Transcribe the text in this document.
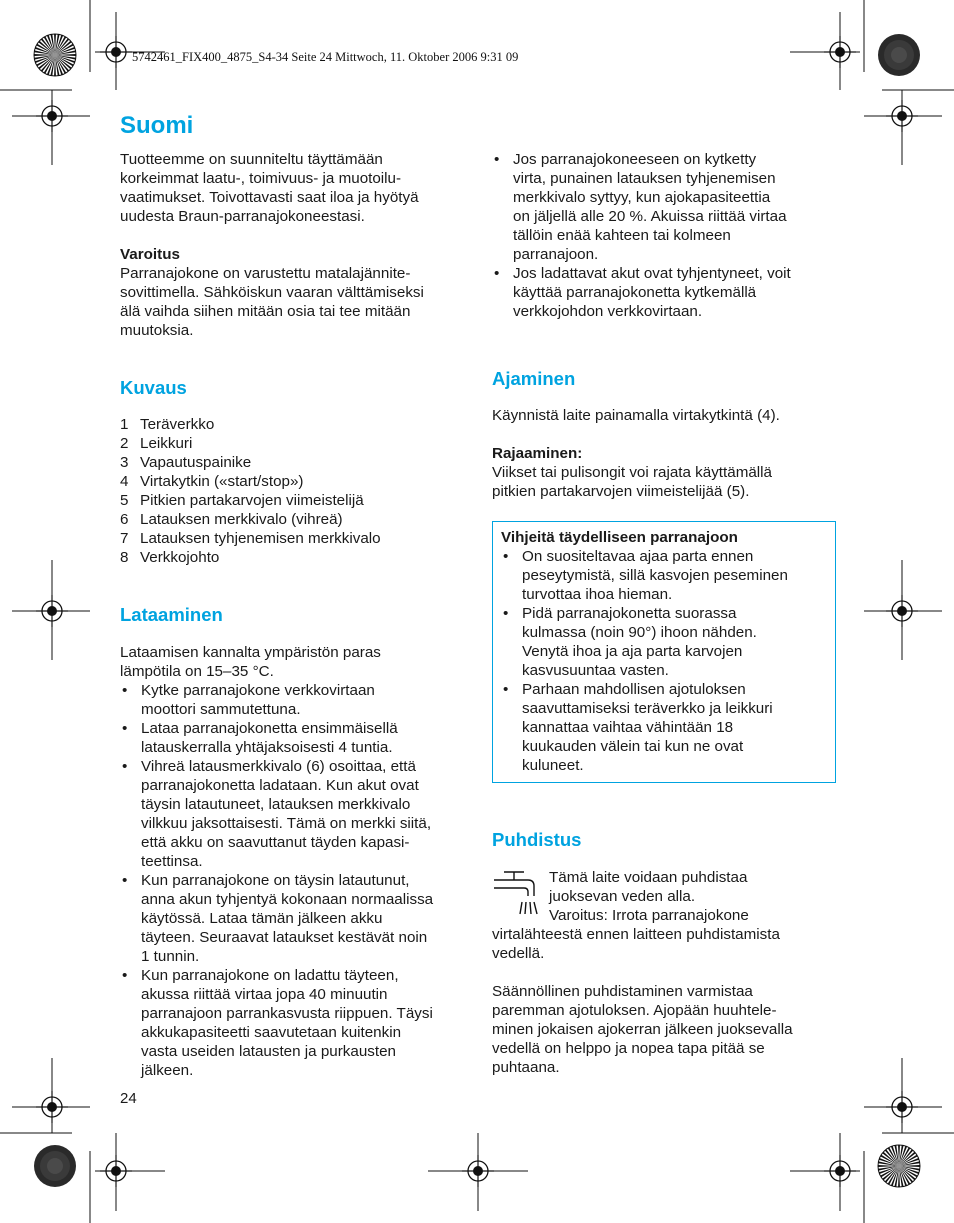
5742461_FIX400_4875_S4-34 Seite 24 Mittwoch, 11. Oktober 2006 9:31 09
Suomi

Tuotteemme on suunniteltu täyttämään

korkeimmat laatu-, toimivuus- ja muotoilu-

vaatimukset. Toivottavasti saat iloa ja hyötyä

uudesta Braun-parranajokoneestasi.

Varoitus

Parranajokone on varustettu matalajännite-

sovittimella. Sähköiskun vaaran välttämiseksi

älä vaihda siihen mitään osia tai tee mitään

muutoksia.

Kuvaus
1 Teräverkko
2 Leikkuri
3 Vapautuspainike
4 Virtakytkin («start/stop»)
5 Pitkien partakarvojen viimeistelijä
6 Latauksen merkkivalo (vihreä)
7 Latauksen tyhjenemisen merkkivalo
8 Verkkojohto
Lataaminen

Lataamisen kannalta ympäristön paras

lämpötila on 15–35 °C.

• Kytke parranajokone verkkovirtaan
moottori sammutettuna.
• Lataa parranajokonetta ensimmäisellä
latauskerralla yhtäjaksoisesti 4 tuntia.
• Vihreä latausmerkkivalo (6) osoittaa, että
parranajokonetta ladataan. Kun akut ovat
täysin latautuneet, latauksen merkkivalo
vilkkuu jaksottaisesti. Tämä on merkki siitä,
että akku on saavuttanut täyden kapasi-
teettinsa.
• Kun parranajokone on täysin latautunut,
anna akun tyhjentyä kokonaan normaalissa
käytössä. Lataa tämän jälkeen akku
täyteen. Seuraavat lataukset kestävät noin
1 tunnin.
• Kun parranajokone on ladattu täyteen,
akussa riittää virtaa jopa 40 minuutin
parranajoon parrankasvusta riippuen. Täysi
akkukapasiteetti saavutetaan kuitenkin
vasta useiden latausten ja purkausten
jälkeen.
• Jos parranajokoneeseen on kytketty
virta, punainen latauksen tyhjenemisen
merkkivalo syttyy, kun ajokapasiteettia
on jäljellä alle 20 %. Akuissa riittää virtaa
tällöin enää kahteen tai kolmeen
parranajoon.
• Jos ladattavat akut ovat tyhjentyneet, voit
käyttää parranajokonetta kytkemällä
verkkojohdon verkkovirtaan.
Ajaminen

Käynnistä laite painamalla virtakytkintä (4).

Rajaaminen:

Viikset tai pulisongit voi rajata käyttämällä

pitkien partakarvojen viimeistelijää (5).

Puhdistus

Tämä laite voidaan puhdistaa

juoksevan veden alla.

Varoitus: Irrota parranajokone

virtalähteestä ennen laitteen puhdistamista

vedellä.

Säännöllinen puhdistaminen varmistaa

paremman ajotuloksen. Ajopään huuhtele-

minen jokaisen ajokerran jälkeen juoksevalla

vedellä on helppo ja nopea tapa pitää se

puhtaana.

Vihjeitä täydelliseen parranajoon

• On suositeltavaa ajaa parta ennen
peseytymistä, sillä kasvojen peseminen
turvottaa ihoa hieman.
• Pidä parranajokonetta suorassa
kulmassa (noin 90°) ihoon nähden.
Venytä ihoa ja aja parta karvojen
kasvusuuntaa vasten.
• Parhaan mahdollisen ajotuloksen
saavuttamiseksi teräverkko ja leikkuri
kannattaa vaihtaa vähintään 18
kuukauden välein tai kun ne ovat
kuluneet.
24
